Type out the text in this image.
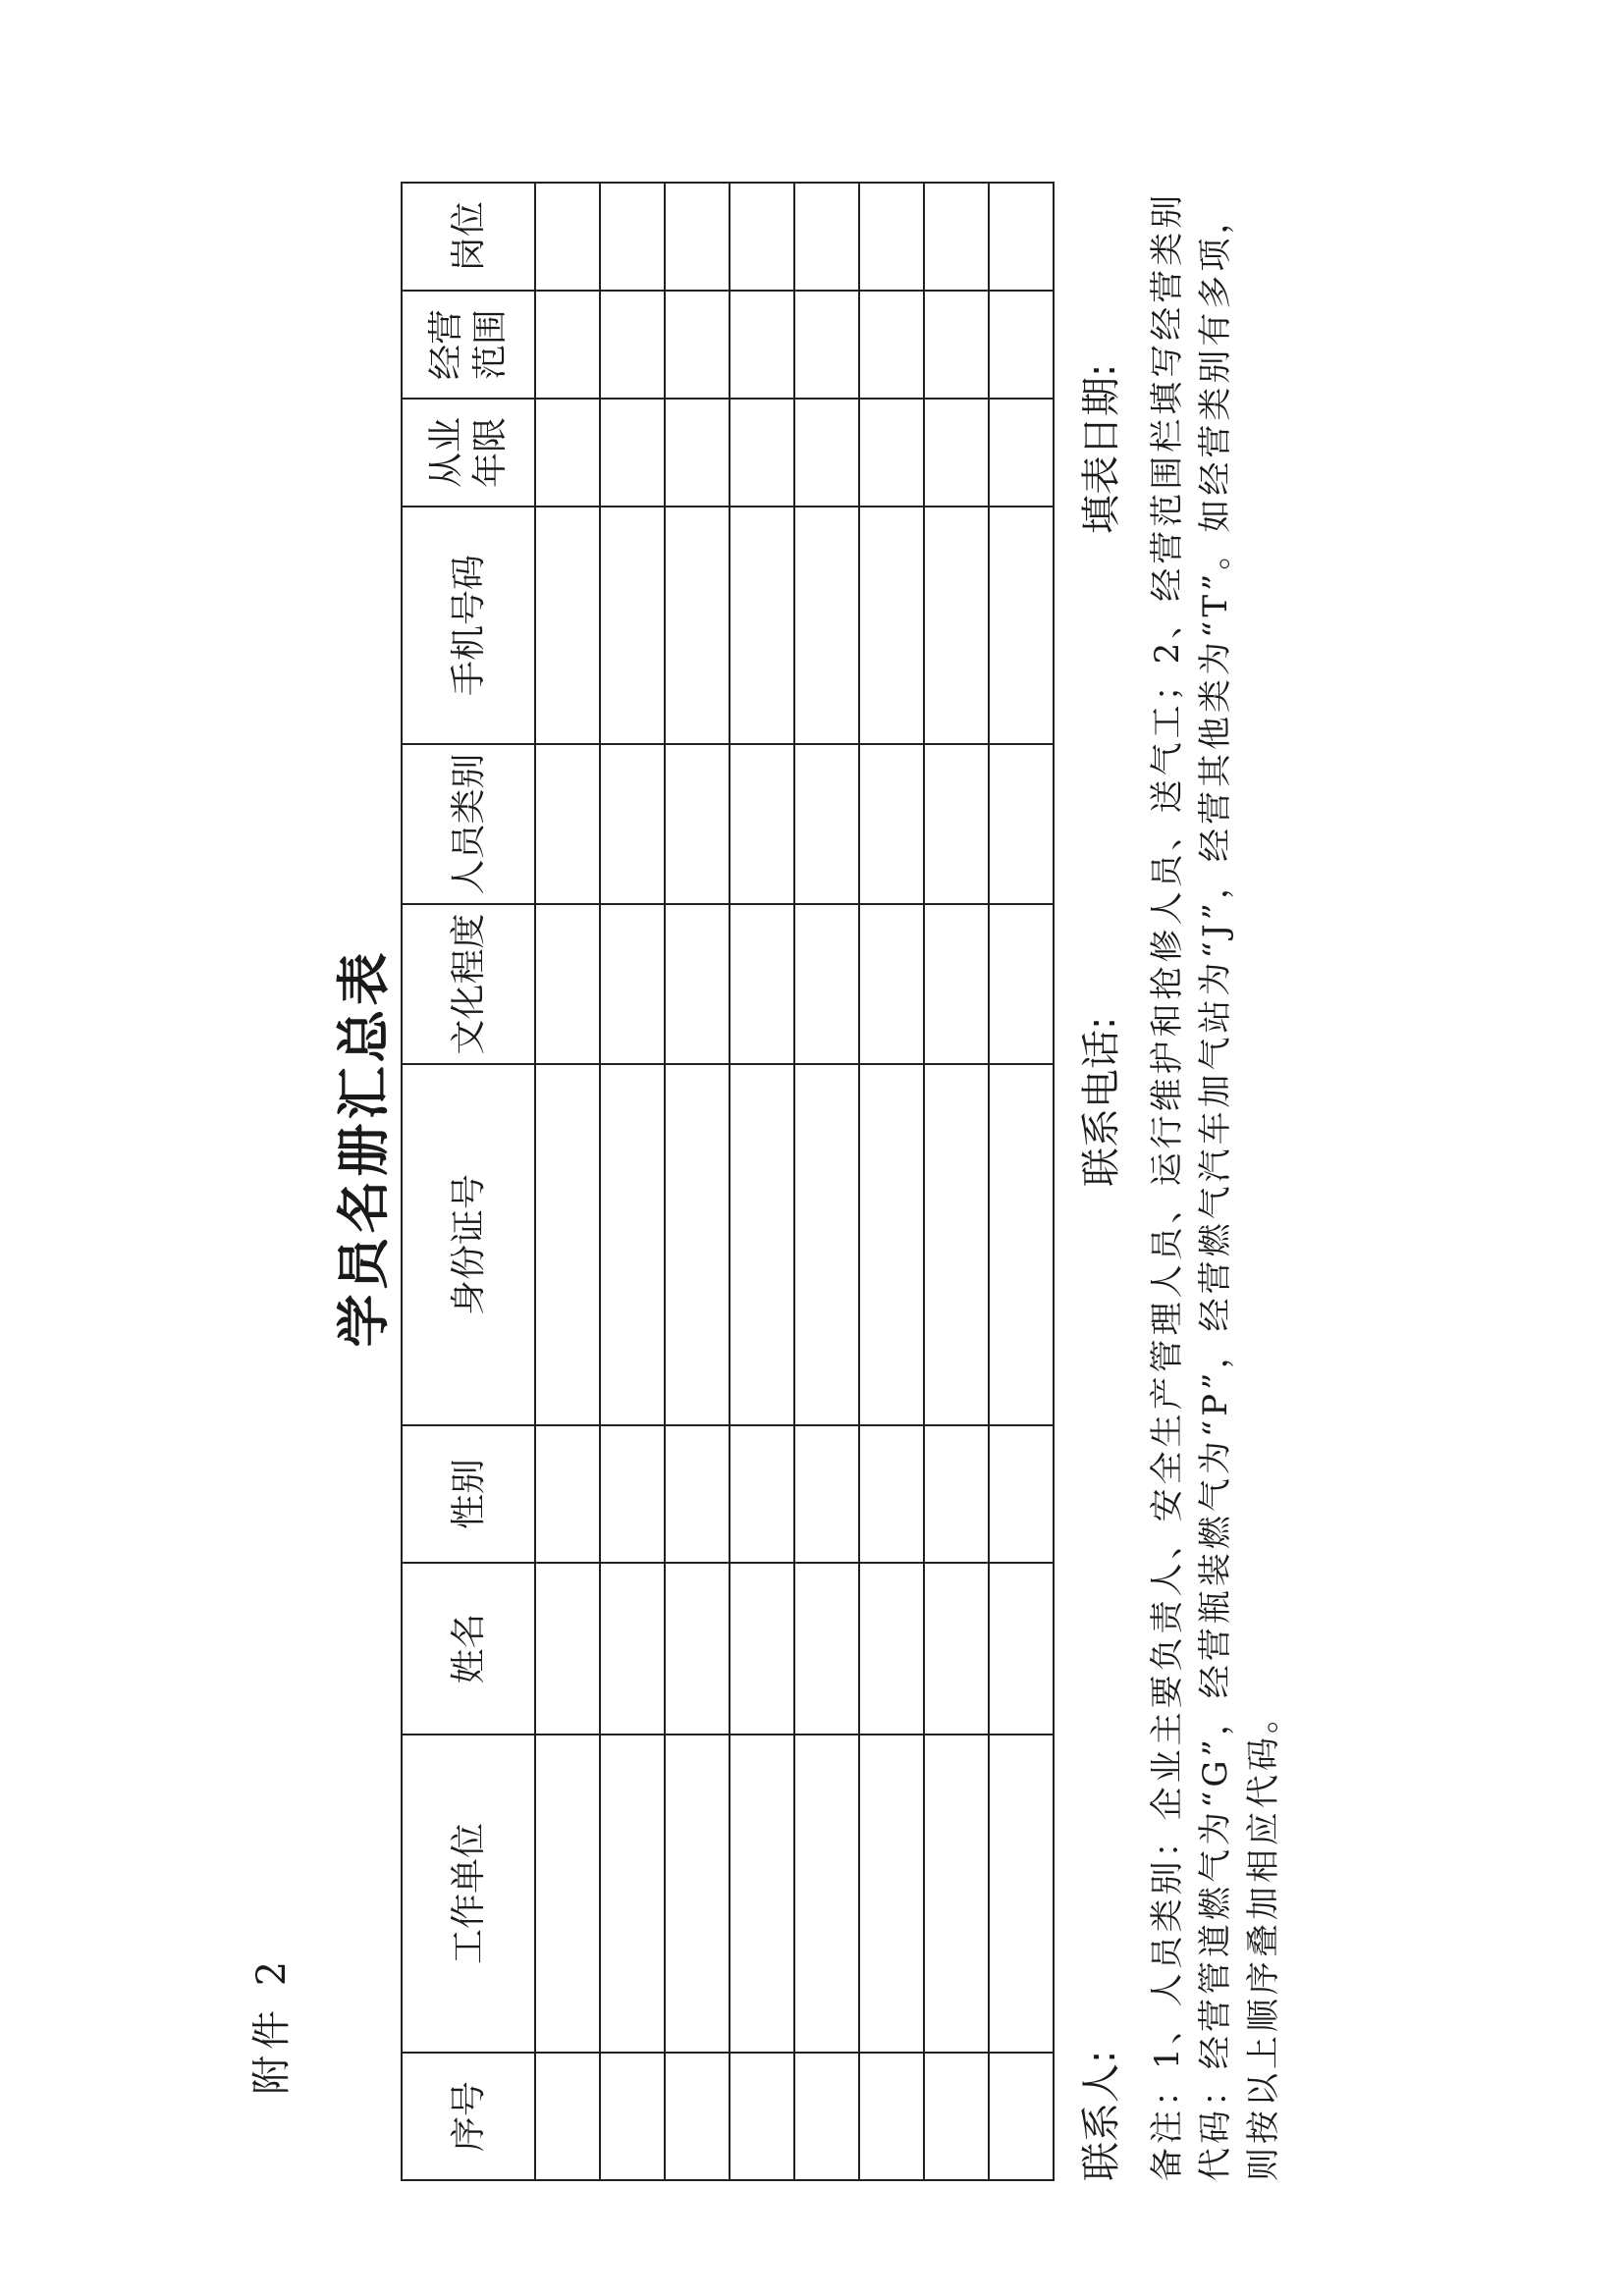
附件 2
学员名册汇总表
序号	工作单位	姓名	性别	身份证号	文化程度	人员类别	手机号码	从业 年限	经营 范围	岗位

联系人:
联系电话:
填表日期: 备注：1、人员类别：企业主要负责人、安全生产管理人员、运行维护和抢修人员、送气工；2、经营范围栏填写经营类别代码：经营管道燃气为“G”，经营瓶装燃气为“P”，经营燃气汽车加气站为“J”，经营其他类为“T”。如经营类别有多项，则按以上顺序叠加相应代码。
